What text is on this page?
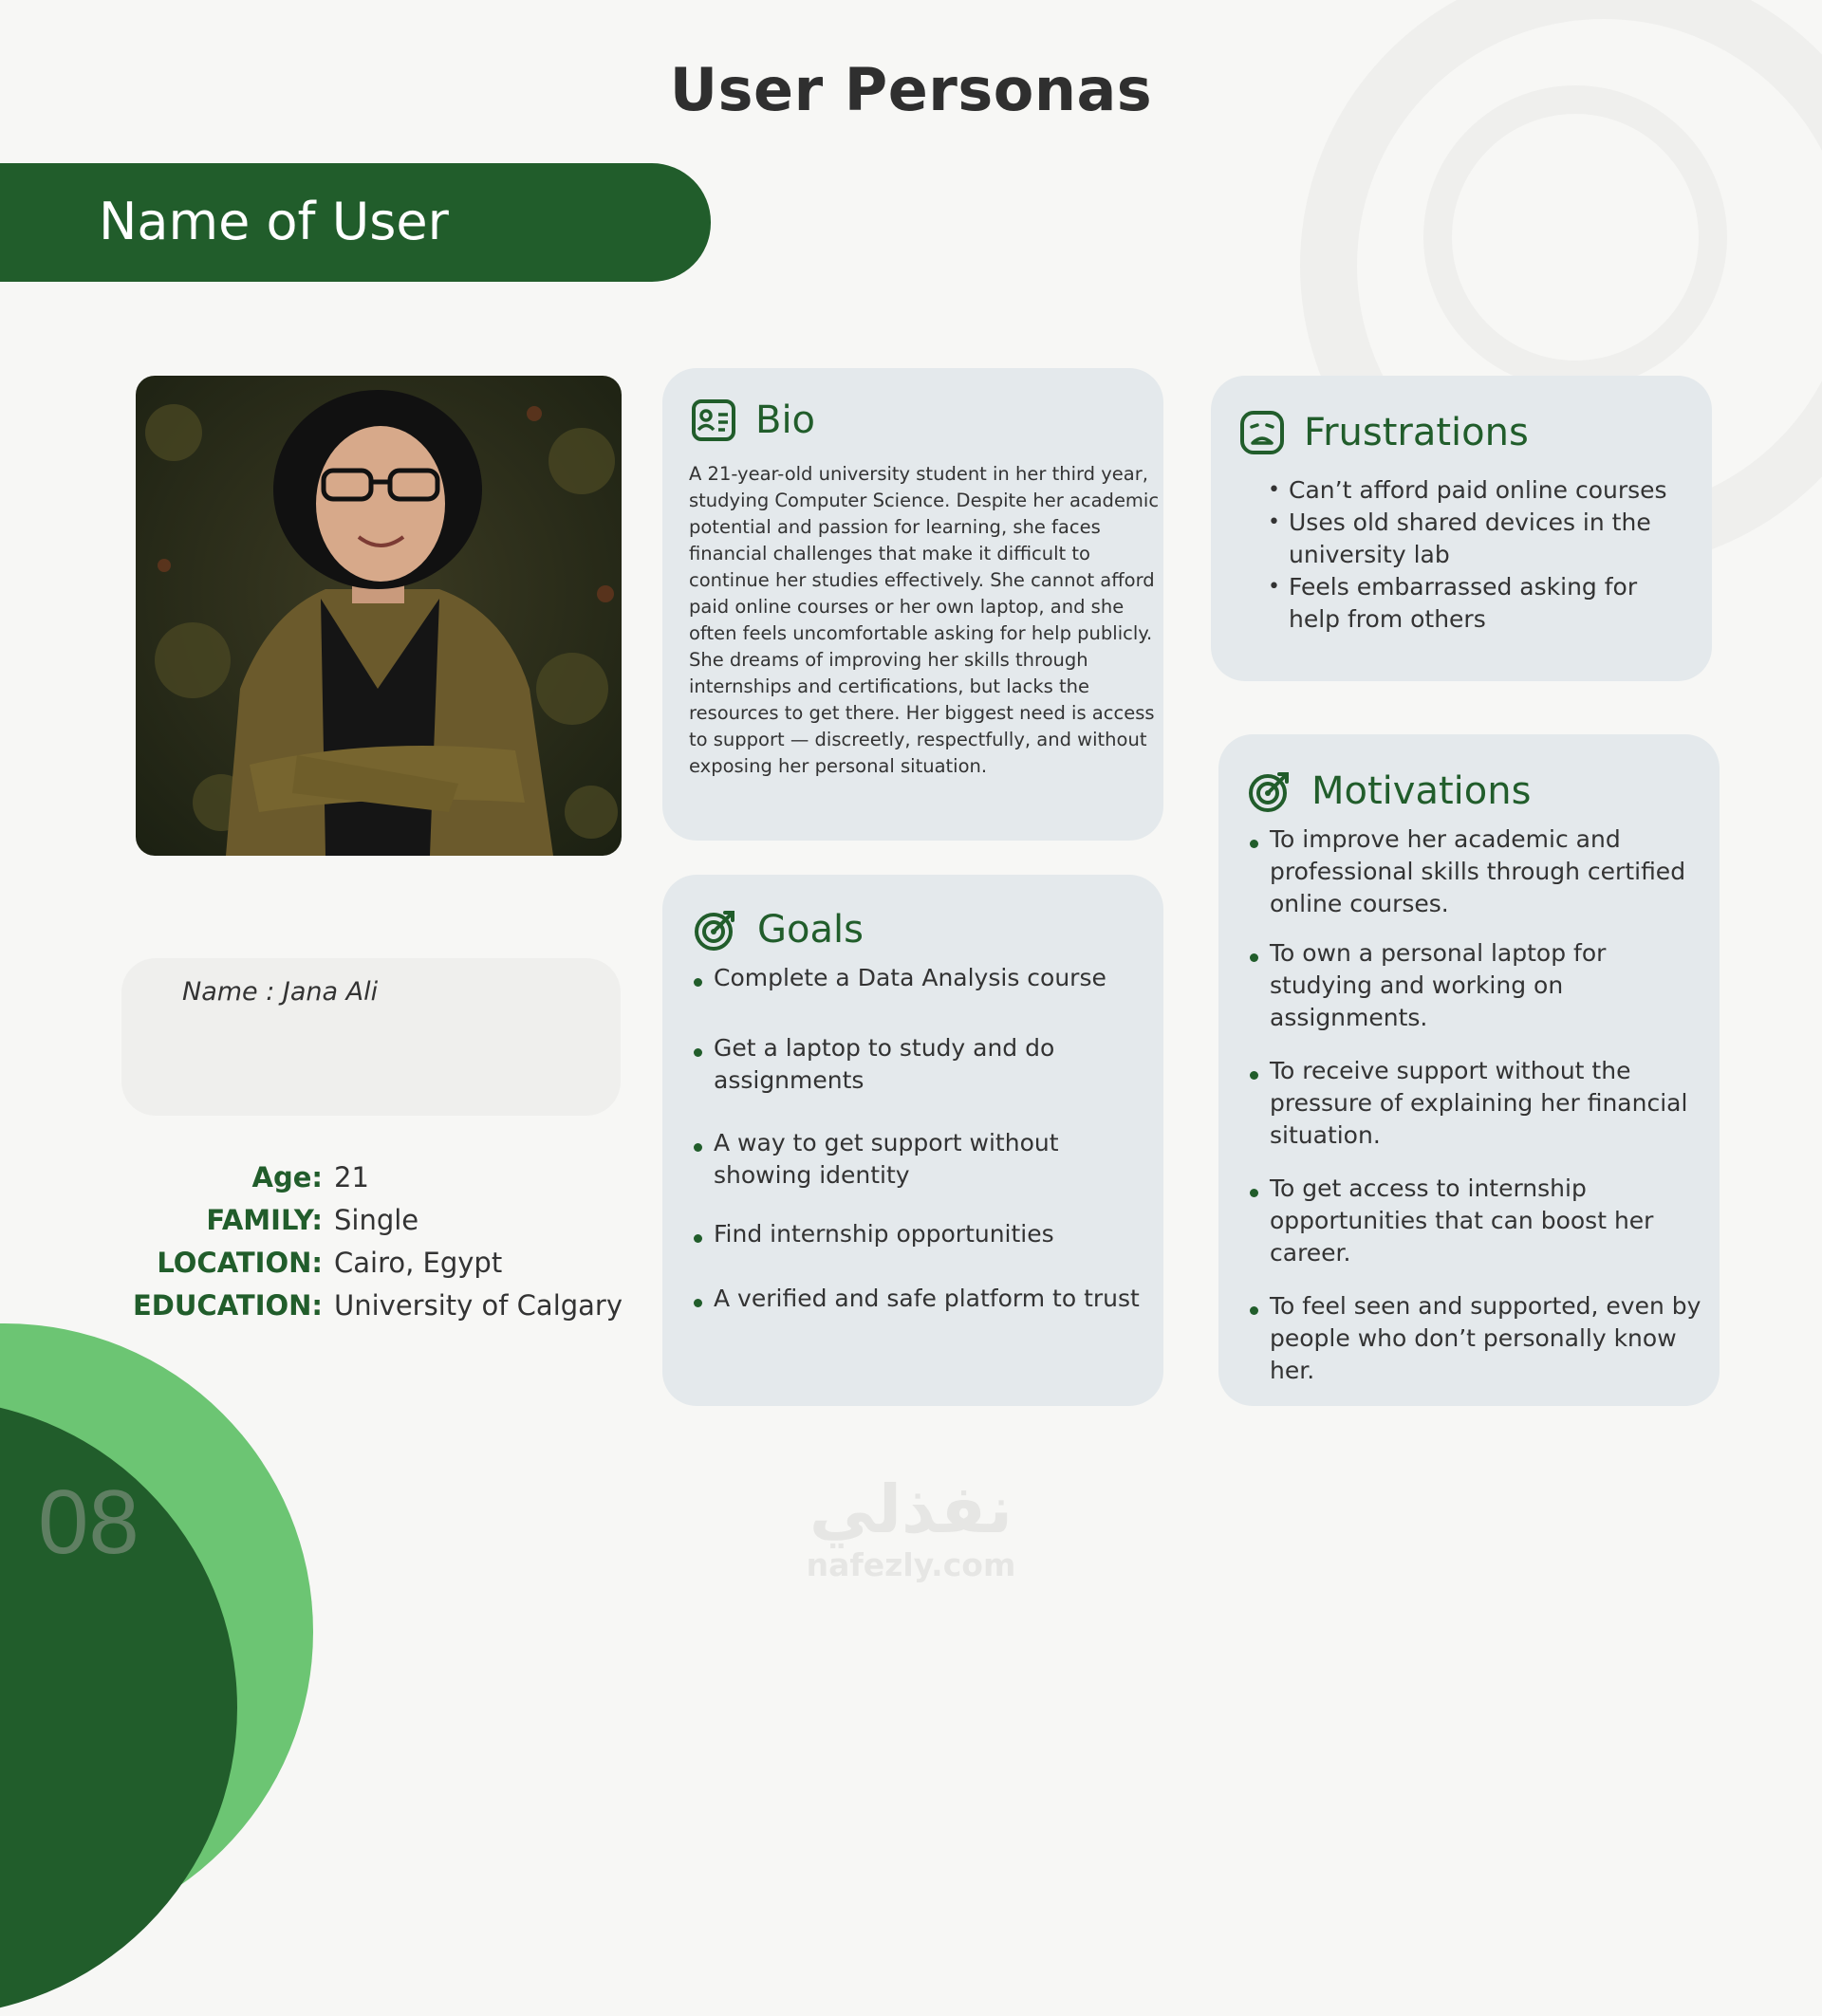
User Personas
Name of User
Name : Jana Ali
Age: 21
FAMILY: Single
LOCATION: Cairo, Egypt
EDUCATION: University of Calgary
Bio
A 21-year-old university student in her third year, studying Computer Science. Despite her academic potential and passion for learning, she faces financial challenges that make it difficult to continue her studies effectively. She cannot afford paid online courses or her own laptop, and she often feels uncomfortable asking for help publicly. She dreams of improving her skills through internships and certifications, but lacks the resources to get there. Her biggest need is access to support — discreetly, respectfully, and without exposing her personal situation.
Frustrations
• Can’t afford paid online courses
• Uses old shared devices in the university lab
• Feels embarrassed asking for help from others
Goals
Complete a Data Analysis course
Get a laptop to study and do assignments
A way to get support without showing identity
Find internship opportunities
A verified and safe platform to trust
Motivations
To improve her academic and professional skills through certified online courses.
To own a personal laptop for studying and working on assignments.
To receive support without the pressure of explaining her financial situation.
To get access to internship opportunities that can boost her career.
To feel seen and supported, even by people who don’t personally know her.
08	نفذلي
nafezly.com
